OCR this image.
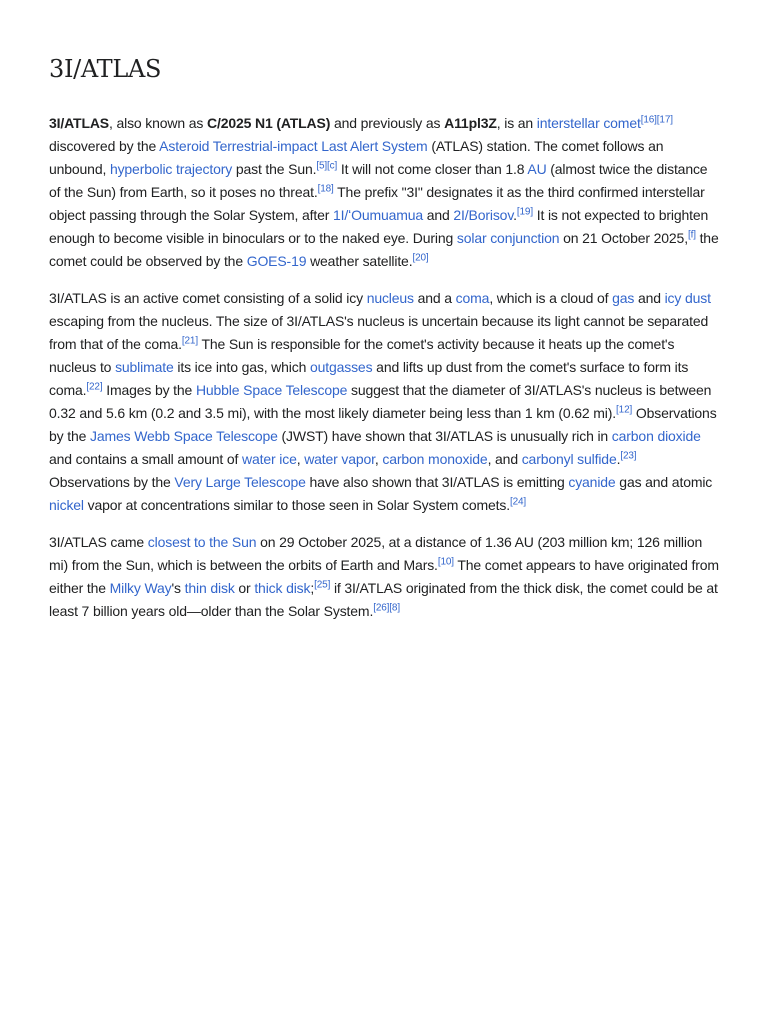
3I/ATLAS

3I/ATLAS, also known as C/2025 N1 (ATLAS) and previously as A11pl3Z, is an interstellar comet[16][17] discovered by the Asteroid Terrestrial-impact Last Alert System (ATLAS) station. The comet follows an unbound, hyperbolic trajectory past the Sun.[5][c] It will not come closer than 1.8 AU (almost twice the distance of the Sun) from Earth, so it poses no threat.[18] The prefix "3I" designates it as the third confirmed interstellar object passing through the Solar System, after 1I/ʻOumuamua and 2I/Borisov.[19] It is not expected to brighten enough to become visible in binoculars or to the naked eye. During solar conjunction on 21 October 2025,[f] the comet could be observed by the GOES-19 weather satellite.[20]

3I/ATLAS is an active comet consisting of a solid icy nucleus and a coma, which is a cloud of gas and icy dust escaping from the nucleus. The size of 3I/ATLAS's nucleus is uncertain because its light cannot be separated from that of the coma.[21] The Sun is responsible for the comet's activity because it heats up the comet's nucleus to sublimate its ice into gas, which outgasses and lifts up dust from the comet's surface to form its coma.[22] Images by the Hubble Space Telescope suggest that the diameter of 3I/ATLAS's nucleus is between 0.32 and 5.6 km (0.2 and 3.5 mi), with the most likely diameter being less than 1 km (0.62 mi).[12] Observations by the James Webb Space Telescope (JWST) have shown that 3I/ATLAS is unusually rich in carbon dioxide and contains a small amount of water ice, water vapor, carbon monoxide, and carbonyl sulfide.[23] Observations by the Very Large Telescope have also shown that 3I/ATLAS is emitting cyanide gas and atomic nickel vapor at concentrations similar to those seen in Solar System comets.[24]

3I/ATLAS came closest to the Sun on 29 October 2025, at a distance of 1.36 AU (203 million km; 126 million mi) from the Sun, which is between the orbits of Earth and Mars.[10] The comet appears to have originated from either the Milky Way's thin disk or thick disk;[25] if 3I/ATLAS originated from the thick disk, the comet could be at least 7 billion years old—older than the Solar System.[26][8]
